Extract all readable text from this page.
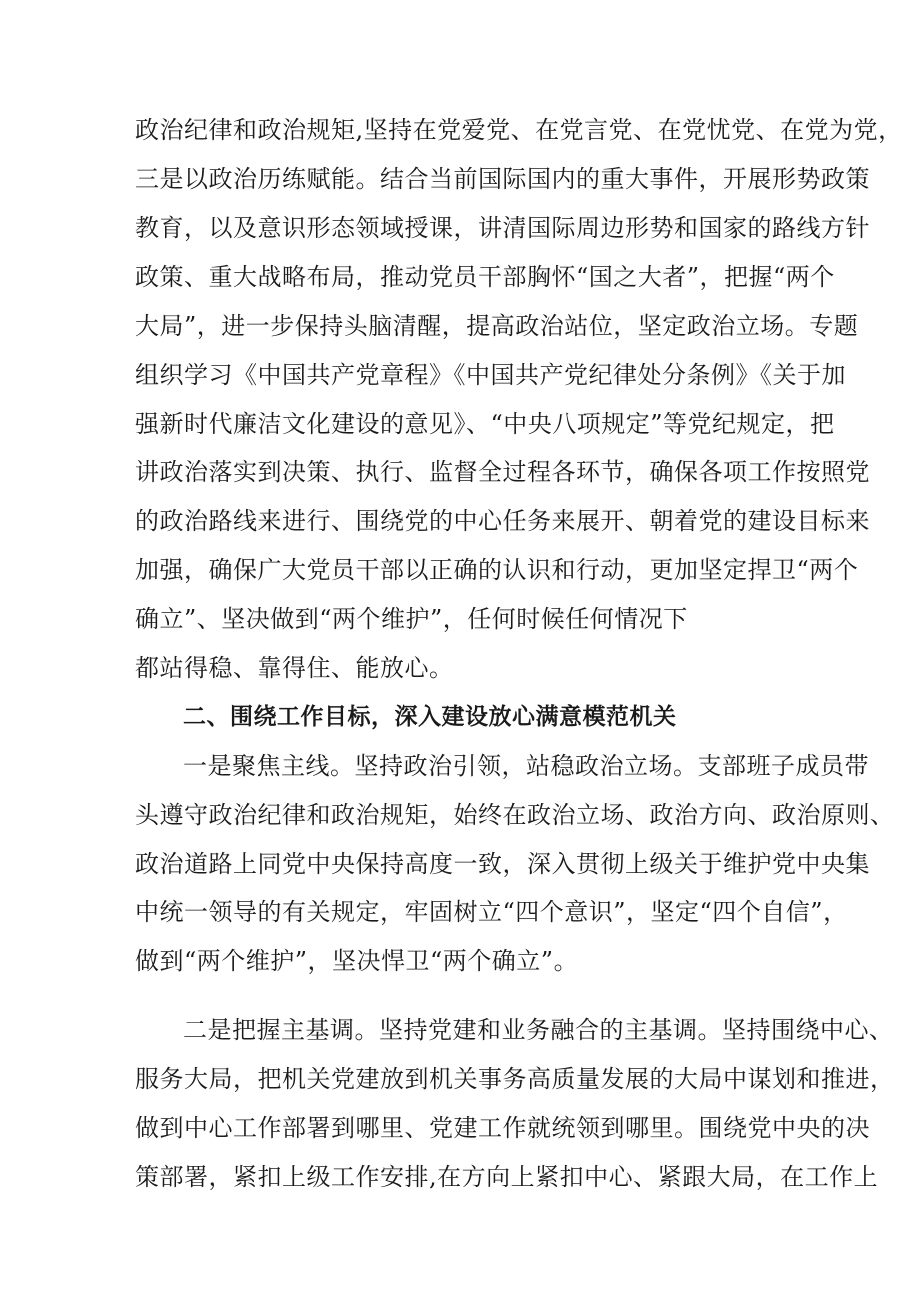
政治纪律和政治规矩,坚持在党爱党、在党言党、在党忧党、在党为党，
三是以政治历练赋能。结合当前国际国内的重大事件，开展形势政策
教育，以及意识形态领域授课，讲清国际周边形势和国家的路线方针
政策、重大战略布局，推动党员干部胸怀“国之大者”，把握“两个
大局”，进一步保持头脑清醒，提高政治站位，坚定政治立场。专题
组织学习《中国共产党章程》《中国共产党纪律处分条例》《关于加
强新时代廉洁文化建设的意见》、“中央八项规定”等党纪规定，把
讲政治落实到决策、执行、监督全过程各环节，确保各项工作按照党
的政治路线来进行、围绕党的中心任务来展开、朝着党的建设目标来
加强，确保广大党员干部以正确的认识和行动，更加坚定捍卫“两个
确立”、坚决做到“两个维护”，任何时候任何情况下
都站得稳、靠得住、能放心。
二、围绕工作目标，深入建设放心满意模范机关
一是聚焦主线。坚持政治引领，站稳政治立场。支部班子成员带
头遵守政治纪律和政治规矩，始终在政治立场、政治方向、政治原则、
政治道路上同党中央保持高度一致，深入贯彻上级关于维护党中央集
中统一领导的有关规定，牢固树立“四个意识”，坚定“四个自信”，
做到“两个维护”，坚决悍卫“两个确立”。
二是把握主基调。坚持党建和业务融合的主基调。坚持围绕中心、
服务大局，把机关党建放到机关事务高质量发展的大局中谋划和推进，
做到中心工作部署到哪里、党建工作就统领到哪里。围绕党中央的决
策部署，紧扣上级工作安排,在方向上紧扣中心、紧跟大局，在工作上
